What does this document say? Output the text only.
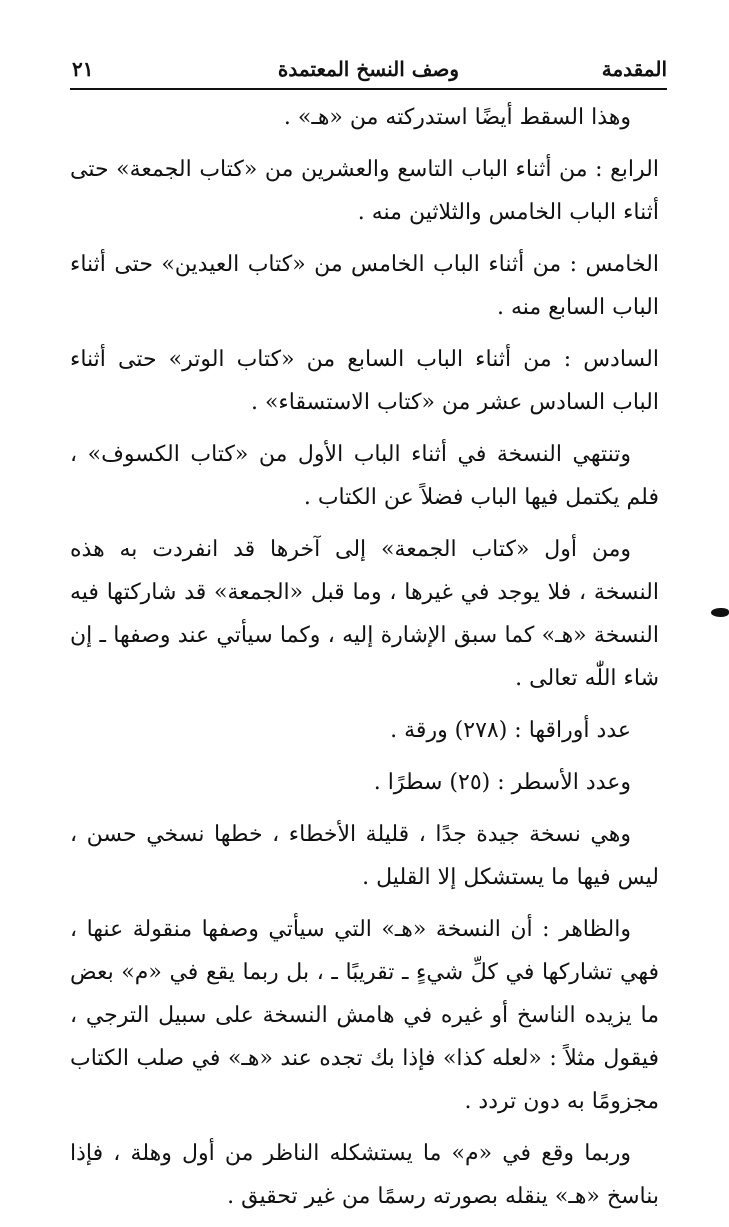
المقدمة
وصف النسخ المعتمدة
٢١

وهذا السقط أيضًا استدركته من «هـ» .

الرابع : من أثناء الباب التاسع والعشرين من «كتاب الجمعة» حتى أثناء الباب الخامس والثلاثين منه .

الخامس : من أثناء الباب الخامس من «كتاب العيدين» حتى أثناء الباب السابع منه .

السادس : من أثناء الباب السابع من «كتاب الوتر» حتى أثناء الباب السادس عشر من «كتاب الاستسقاء» .

وتنتهي النسخة في أثناء الباب الأول من «كتاب الكسوف» ، فلم يكتمل فيها الباب فضلاً عن الكتاب .

ومن أول «كتاب الجمعة» إلى آخرها قد انفردت به هذه النسخة ، فلا يوجد في غيرها ، وما قبل «الجمعة» قد شاركتها فيه النسخة «هـ» كما سبق الإشارة إليه ، وكما سيأتي عند وصفها ـ إن شاء اللّٰه تعالى .

عدد أوراقها : (٢٧٨) ورقة .

وعدد الأسطر : (٢٥) سطرًا .

وهي نسخة جيدة جدًا ، قليلة الأخطاء ، خطها نسخي حسن ، ليس فيها ما يستشكل إلا القليل .

والظاهر : أن النسخة «هـ» التي سيأتي وصفها منقولة عنها ، فهي تشاركها في كلِّ شيءٍ ـ تقريبًا ـ ، بل ربما يقع في «م» بعض ما يزيده الناسخ أو غيره في هامش النسخة على سبيل الترجي ، فيقول مثلاً : «لعله كذا» فإذا بك تجده عند «هـ» في صلب الكتاب مجزومًا به دون تردد .

وربما وقع في «م» ما يستشكله الناظر من أول وهلة ، فإذا بناسخ «هـ» ينقله بصورته رسمًا من غير تحقيق .
